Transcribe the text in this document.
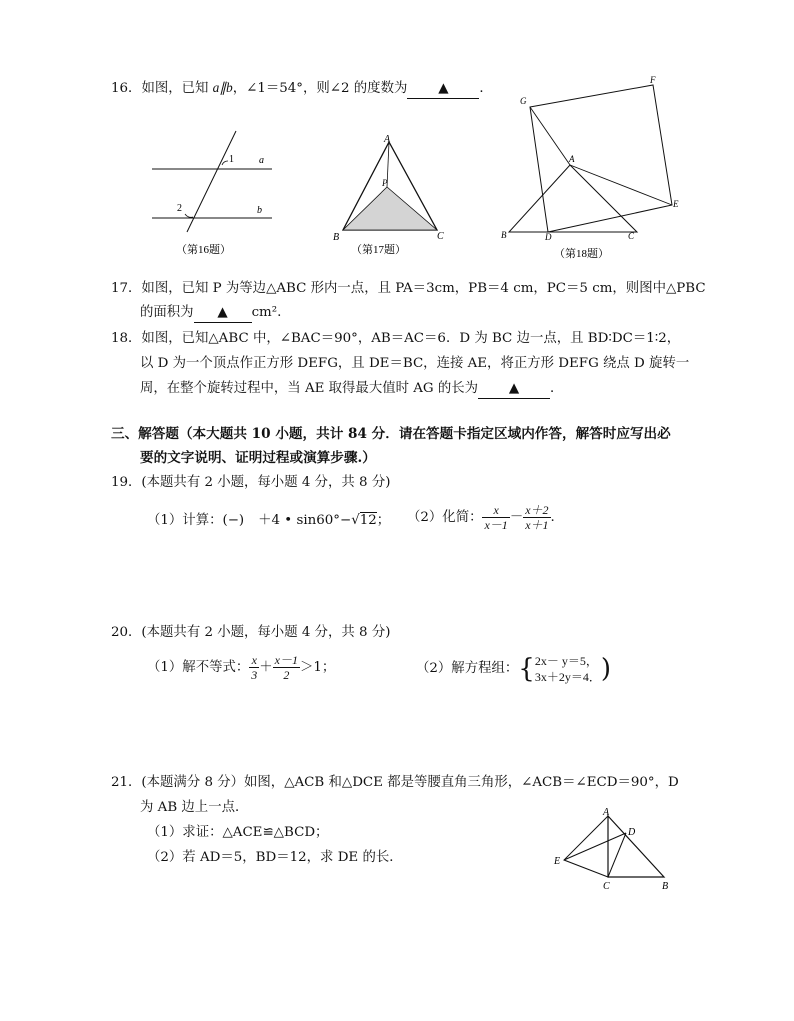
16．如图，已知 a∥b，∠1＝54°，则∠2 的度数为 ▲ ．
1
2
a
b
（第16题）
A
P
B	C
（第17题）
G
F
A
E
B	D	C
（第18题）
17．如图，已知 P 为等边△ABC 形内一点，且 PA＝3cm，PB＝4 cm，PC＝5 cm，则图中△PBC
的面积为 ▲ cm².
18．如图，已知△ABC 中，∠BAC＝90°，AB＝AC＝6．D 为 BC 边一点，且 BD∶DC＝1∶2，
以 D 为一个顶点作正方形 DEFG，且 DE＝BC，连接 AE，将正方形 DEFG 绕点 D 旋转一
周，在整个旋转过程中，当 AE 取得最大值时 AG 的长为 ▲ ．
三、解答题（本大题共 10 小题，共计 84 分．请在答题卡指定区域内作答，解答时应写出必
要的文字说明、证明过程或演算步骤.）
19．(本题共有 2 小题，每小题 4 分，共 8 分)
（1）计算：(−) ＋4 • sin60°−√12； （2）化简： $\frac{x}{x-1} - \frac{x+2}{x+1}$ .
20．(本题共有 2 小题，每小题 4 分，共 8 分)
（1）解不等式： $\frac{x}{3} + \frac{x-1}{2} >1$；	（2）解方程组：{ 2x－ y＝5，
3x＋2y＝4． )
21．(本题满分 8 分）如图，△ACB 和△DCE 都是等腰直角三角形，∠ACB＝∠ECD＝90°，D
为 AB 边上一点．
（1）求证：△ACE≌△BCD；
（2）若 AD＝5，BD＝12，求 DE 的长．
A
D
E
C	B
